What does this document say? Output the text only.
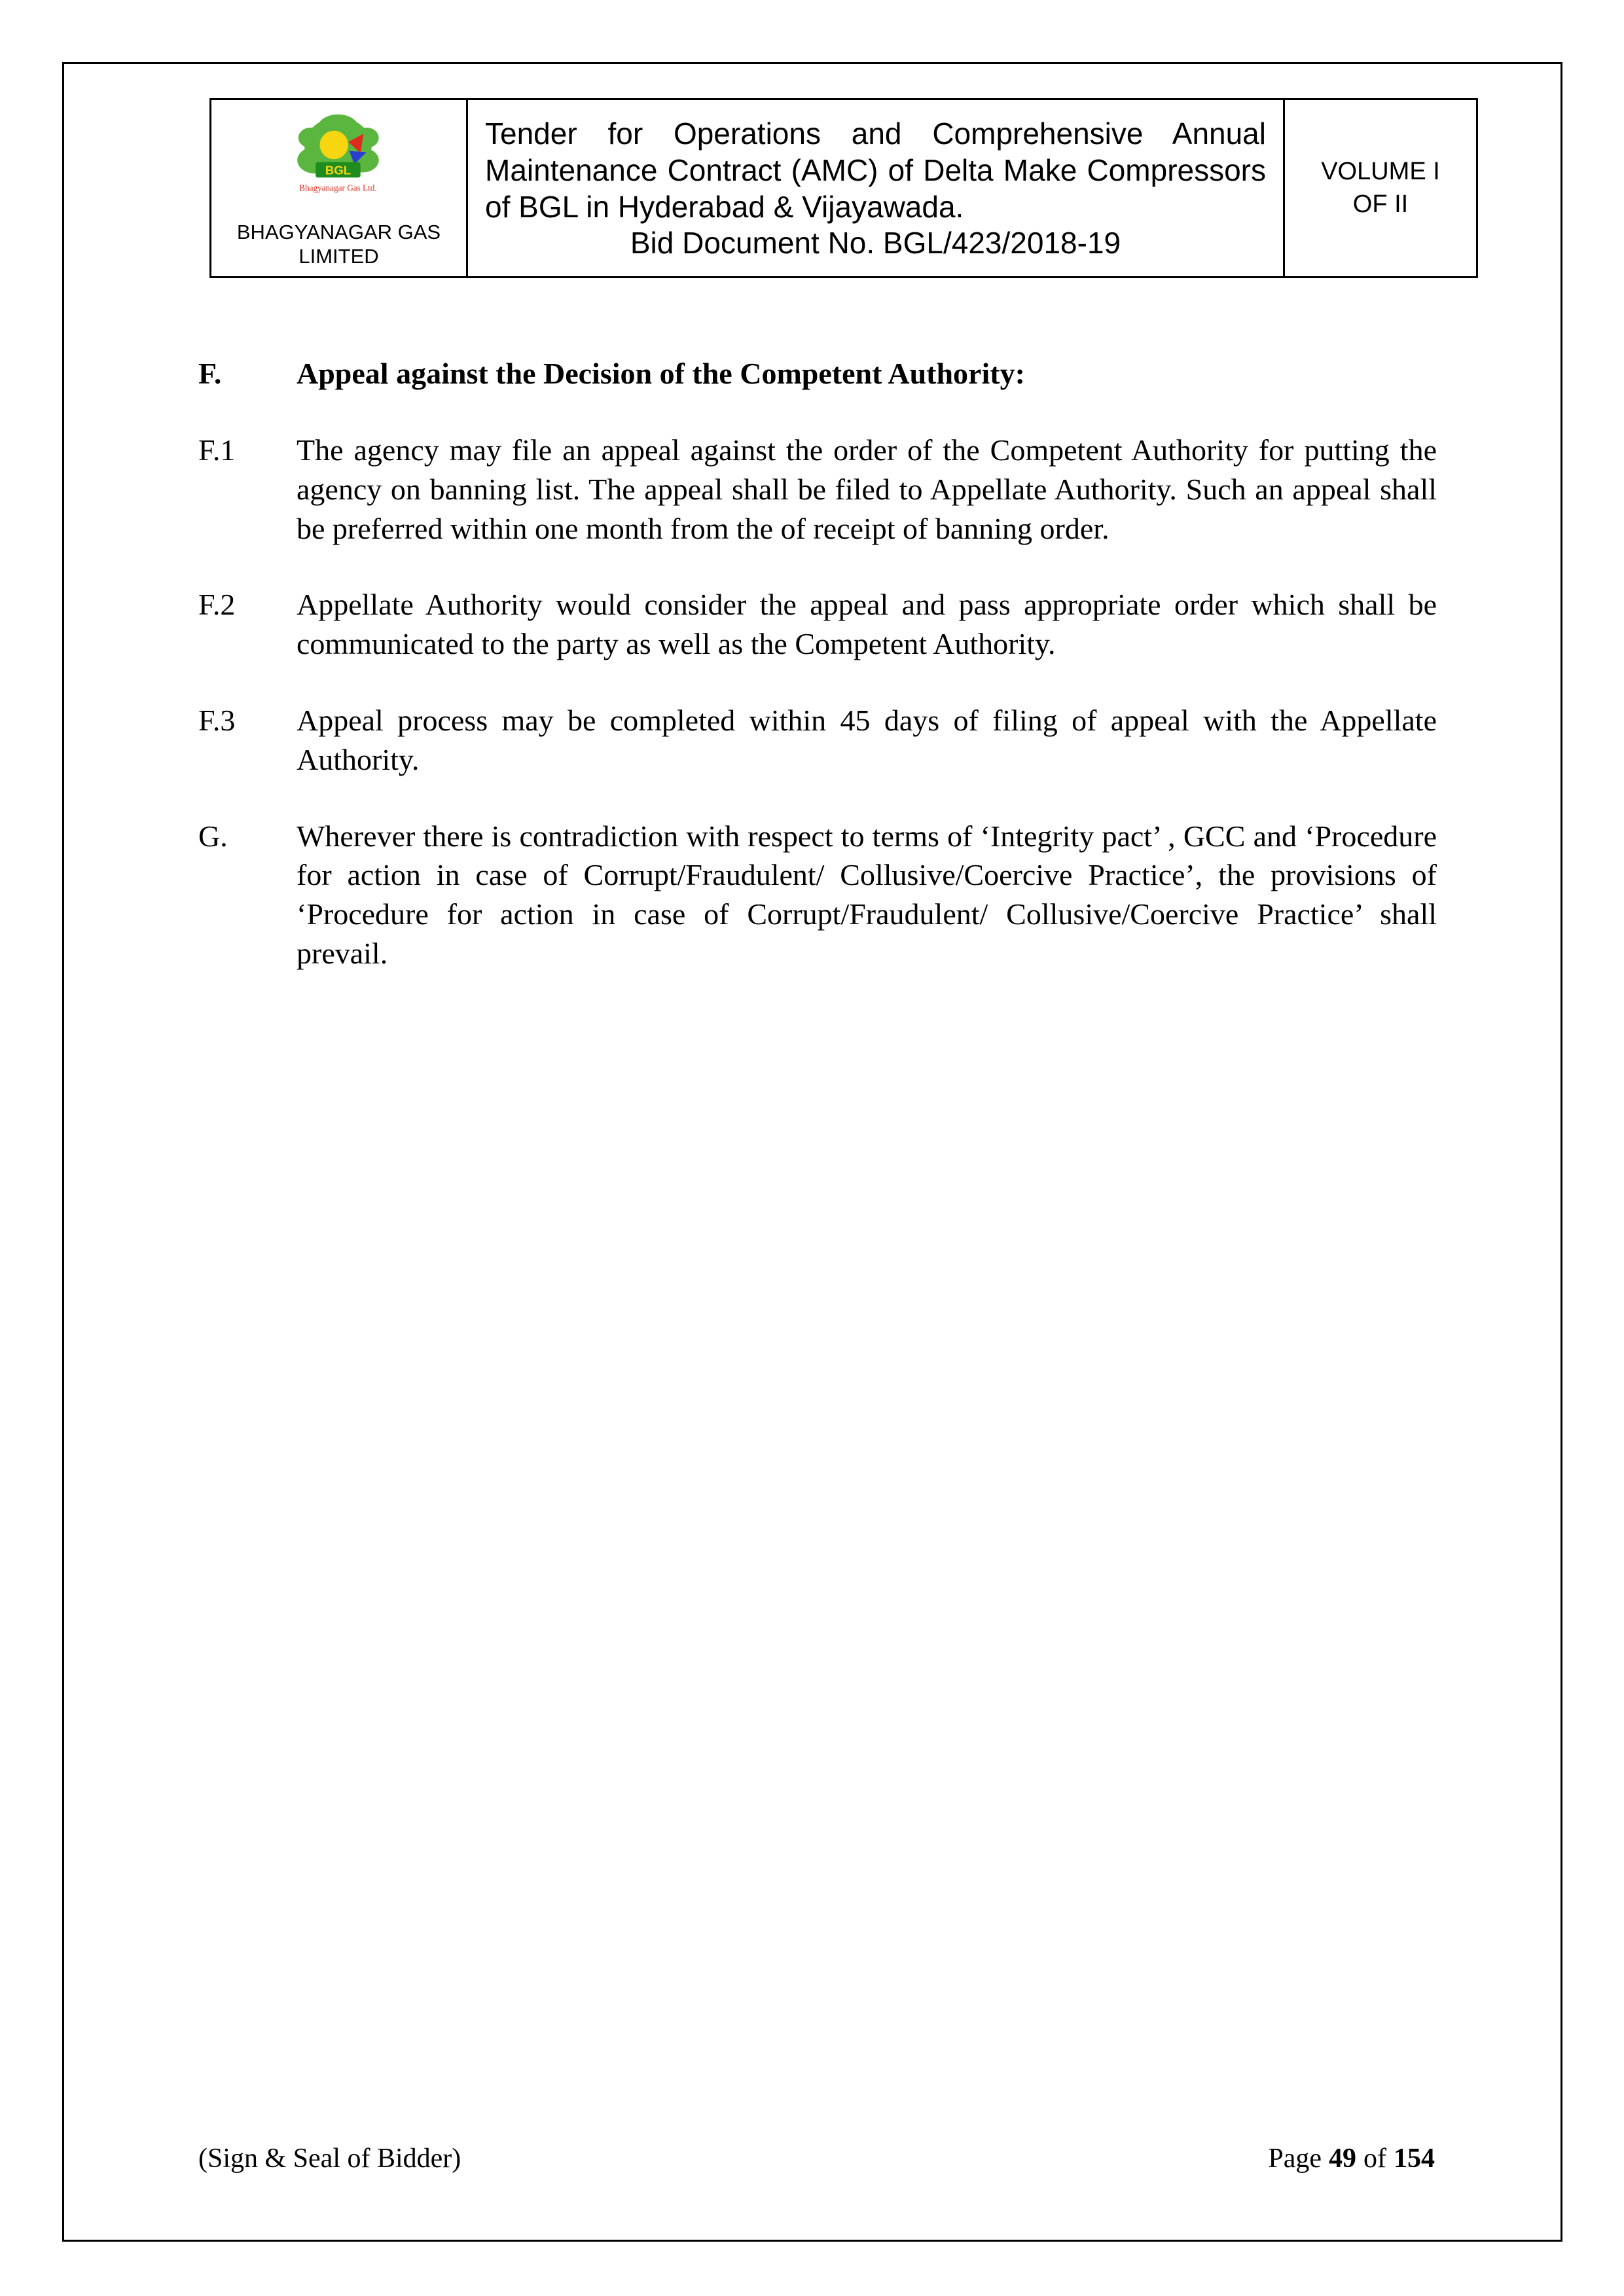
BGL
Bhagyanagar Gas Ltd.
BHAGYANAGAR GAS
LIMITED
Tender for Operations and Comprehensive Annual Maintenance Contract (AMC) of Delta Make Compressors of BGL in Hyderabad & Vijayawada.
Bid Document No. BGL/423/2018-19
VOLUME I
OF II
F.	Appeal against the Decision of the Competent Authority:
F.1	The agency may file an appeal against the order of the Competent Authority for putting the agency on banning list. The appeal shall be filed to Appellate Authority. Such an appeal shall be preferred within one month from the of receipt of banning order.
F.2	Appellate Authority would consider the appeal and pass appropriate order which shall be communicated to the party as well as the Competent Authority.
F.3	Appeal process may be completed within 45 days of filing of appeal with the Appellate Authority.
G.	Wherever there is contradiction with respect to terms of ‘Integrity pact’ , GCC and ‘Procedure for action in case of Corrupt/Fraudulent/ Collusive/Coercive Practice’, the provisions of ‘Procedure for action in case of Corrupt/Fraudulent/ Collusive/Coercive Practice’ shall prevail.
(Sign & Seal of Bidder)	Page 49 of 154
